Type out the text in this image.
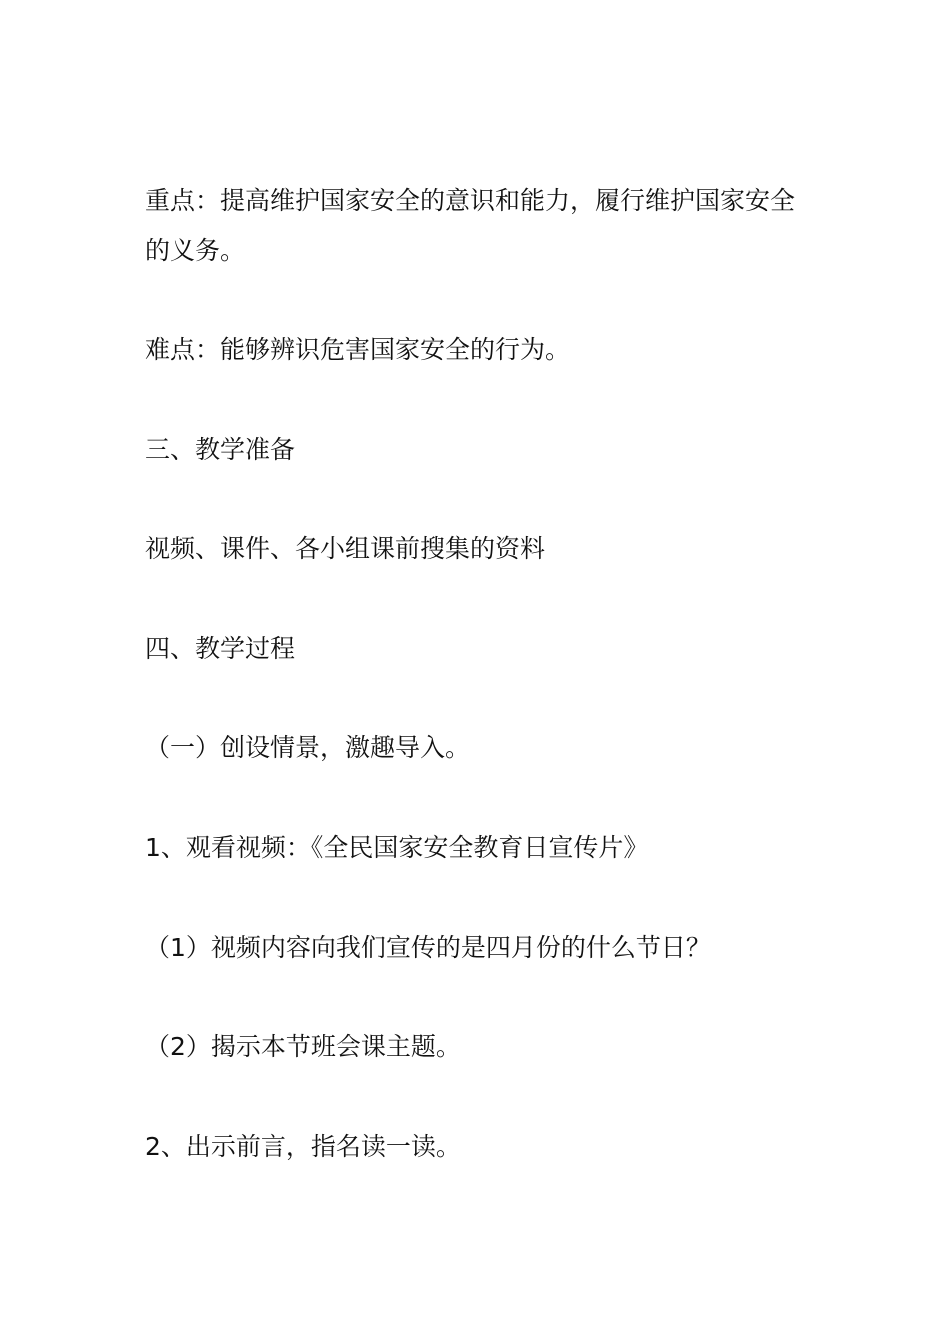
重点：提高维护国家安全的意识和能力，履行维护国家安全的义务。

难点：能够辨识危害国家安全的行为。

三、教学准备

视频、课件、各小组课前搜集的资料

四、教学过程

（一）创设情景，激趣导入。

1、观看视频：《全民国家安全教育日宣传片》

（1）视频内容向我们宣传的是四月份的什么节日？

（2）揭示本节班会课主题。

2、出示前言，指名读一读。
